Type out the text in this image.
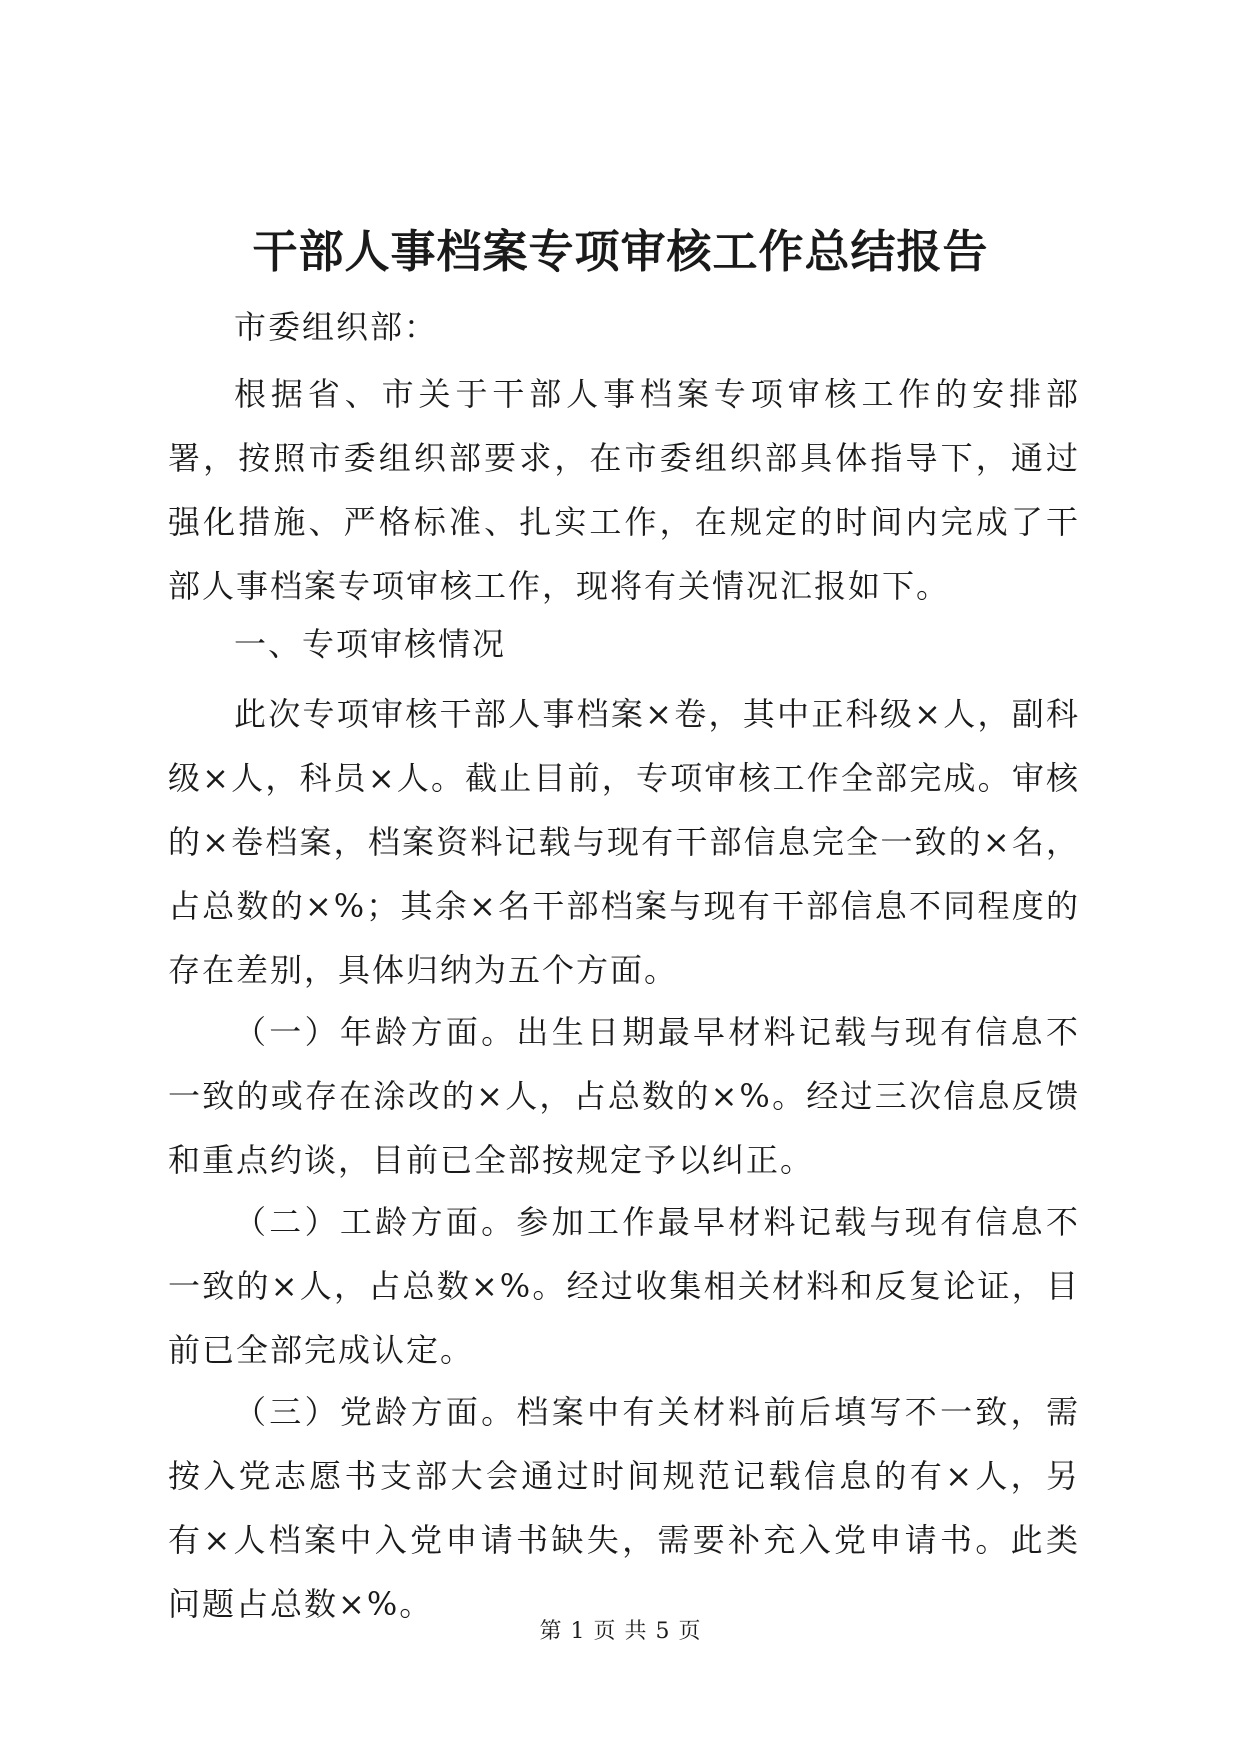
干部人事档案专项审核工作总结报告
市委组织部：
根据省、市关于干部人事档案专项审核工作的安排部署，按照市委组织部要求，在市委组织部具体指导下，通过强化措施、严格标准、扎实工作，在规定的时间内完成了干部人事档案专项审核工作，现将有关情况汇报如下。
一、专项审核情况
此次专项审核干部人事档案×卷，其中正科级×人，副科级×人，科员×人。截止目前，专项审核工作全部完成。审核的×卷档案，档案资料记载与现有干部信息完全一致的×名，占总数的×%；其余×名干部档案与现有干部信息不同程度的存在差别，具体归纳为五个方面。
（一）年龄方面。出生日期最早材料记载与现有信息不一致的或存在涂改的×人，占总数的×%。经过三次信息反馈和重点约谈，目前已全部按规定予以纠正。
（二）工龄方面。参加工作最早材料记载与现有信息不一致的×人，占总数×%。经过收集相关材料和反复论证，目前已全部完成认定。
（三）党龄方面。档案中有关材料前后填写不一致，需按入党志愿书支部大会通过时间规范记载信息的有×人，另有×人档案中入党申请书缺失，需要补充入党申请书。此类问题占总数×%。
第 1 页 共 5 页
